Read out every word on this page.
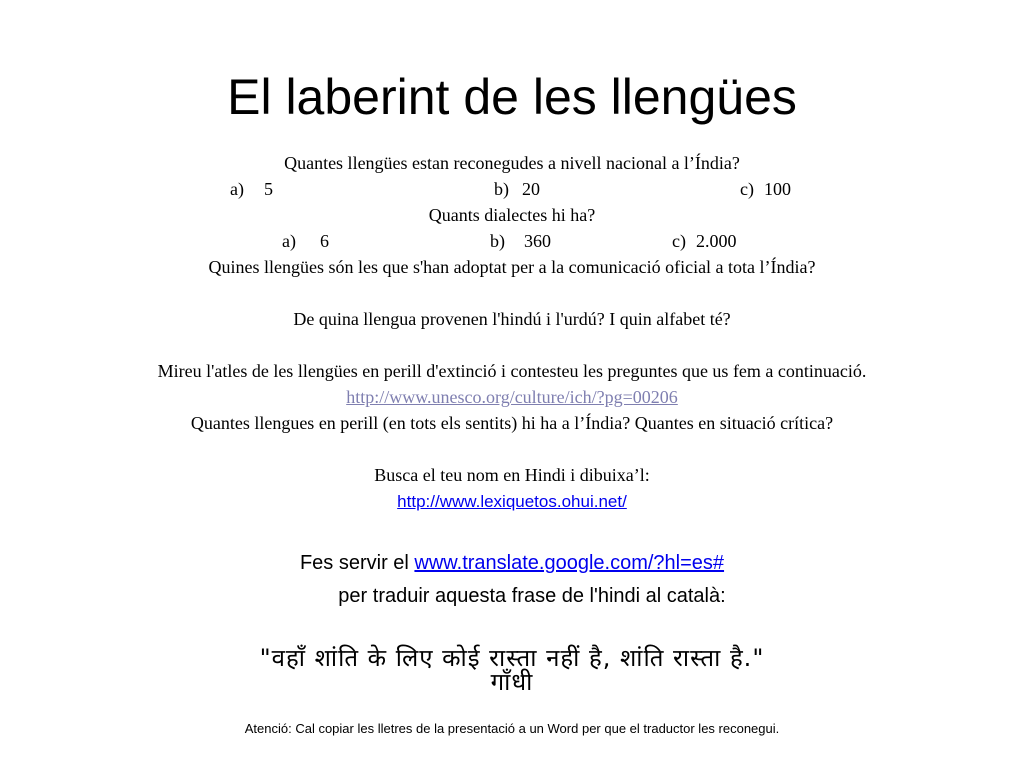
El laberint de les llengües
Quantes llengües estan reconegudes a nivell nacional a l’Índia?
a) 5	b) 20	c) 100
Quants dialectes hi ha?
a) 6	b) 360	c) 2.000
Quines llengües són les que s'han adoptat per a la comunicació oficial a tota l’Índia?
De quina llengua provenen l'hindú i l'urdú? I quin alfabet té?
Mireu l'atles de les llengües en perill d'extinció i contesteu les preguntes que us fem a continuació.
http://www.unesco.org/culture/ich/?pg=00206
Quantes llengues en perill (en tots els sentits) hi ha a l’Índia? Quantes en situació crítica?
Busca el teu nom en Hindi i dibuixa’l:
http://www.lexiquetos.ohui.net/
Fes servir el www.translate.google.com/?hl=es#
per traduir aquesta frase de l'hindi al català:
"वहाँ शांति के लिए कोई रास्ता नहीं है, शांति रास्ता है."
गाँधी
Atenció: Cal copiar les lletres de la presentació a un Word per que el traductor les reconegui.
